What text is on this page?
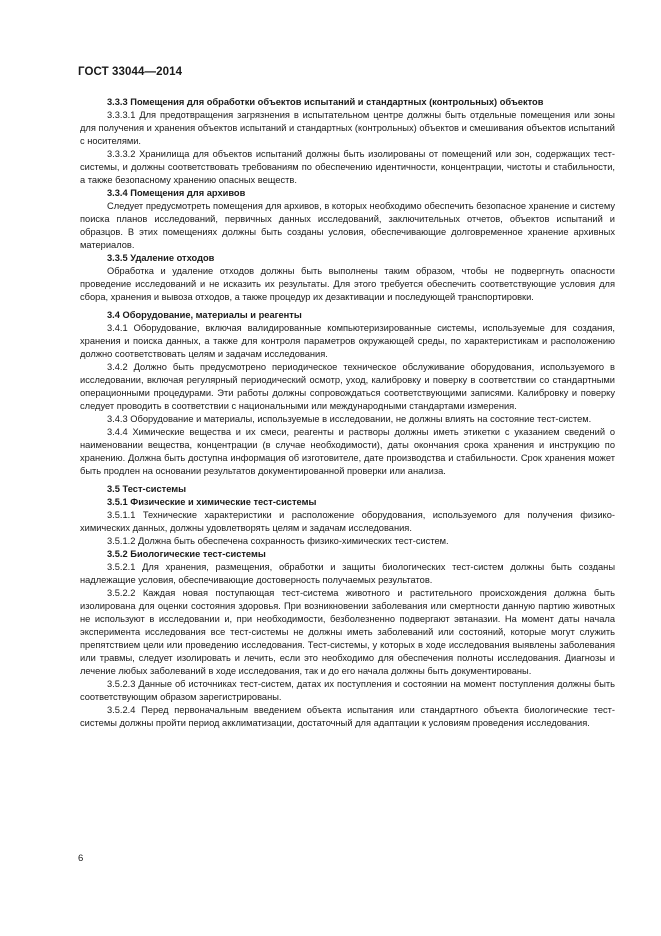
ГОСТ 33044—2014

3.3.3 Помещения для обработки объектов испытаний и стандартных (контрольных) объектов

3.3.3.1 Для предотвращения загрязнения в испытательном центре должны быть отдельные помещения или зоны для получения и хранения объектов испытаний и стандартных (контрольных) объектов и смешивания объектов испытаний с носителями.

3.3.3.2 Хранилища для объектов испытаний должны быть изолированы от помещений или зон, содержащих тест-системы, и должны соответствовать требованиям по обеспечению идентичности, концентрации, чистоты и стабильности, а также безопасному хранению опасных веществ.

3.3.4 Помещения для архивов

Следует предусмотреть помещения для архивов, в которых необходимо обеспечить безопасное хранение и систему поиска планов исследований, первичных данных исследований, заключительных отчетов, объектов испытаний и образцов. В этих помещениях должны быть созданы условия, обеспечивающие долговременное хранение архивных материалов.

3.3.5 Удаление отходов

Обработка и удаление отходов должны быть выполнены таким образом, чтобы не подвергнуть опасности проведение исследований и не исказить их результаты. Для этого требуется обеспечить соответствующие условия для сбора, хранения и вывоза отходов, а также процедур их дезактивации и последующей транспортировки.

3.4 Оборудование, материалы и реагенты

3.4.1 Оборудование, включая валидированные компьютеризированные системы, используемые для создания, хранения и поиска данных, а также для контроля параметров окружающей среды, по характеристикам и расположению должно соответствовать целям и задачам исследования.

3.4.2 Должно быть предусмотрено периодическое техническое обслуживание оборудования, используемого в исследовании, включая регулярный периодический осмотр, уход, калибровку и поверку в соответствии со стандартными операционными процедурами. Эти работы должны сопровождаться соответствующими записями. Калибровку и поверку следует проводить в соответствии с национальными или международными стандартами измерения.

3.4.3 Оборудование и материалы, используемые в исследовании, не должны влиять на состояние тест-систем.

3.4.4 Химические вещества и их смеси, реагенты и растворы должны иметь этикетки с указанием сведений о наименовании вещества, концентрации (в случае необходимости), даты окончания срока хранения и инструкцию по хранению. Должна быть доступна информация об изготовителе, дате производства и стабильности. Срок хранения может быть продлен на основании результатов документированной проверки или анализа.

3.5 Тест-системы

3.5.1 Физические и химические тест-системы

3.5.1.1 Технические характеристики и расположение оборудования, используемого для получения физико-химических данных, должны удовлетворять целям и задачам исследования.

3.5.1.2 Должна быть обеспечена сохранность физико-химических тест-систем.

3.5.2 Биологические тест-системы

3.5.2.1 Для хранения, размещения, обработки и защиты биологических тест-систем должны быть созданы надлежащие условия, обеспечивающие достоверность получаемых результатов.

3.5.2.2 Каждая новая поступающая тест-система животного и растительного происхождения должна быть изолирована для оценки состояния здоровья. При возникновении заболевания или смертности данную партию животных не используют в исследовании и, при необходимости, безболезненно подвергают эвтаназии. На момент даты начала эксперимента исследования все тест-системы не должны иметь заболеваний или состояний, которые могут служить препятствием цели или проведению исследования. Тест-системы, у которых в ходе исследования выявлены заболевания или травмы, следует изолировать и лечить, если это необходимо для обеспечения полноты исследования. Диагнозы и лечение любых заболеваний в ходе исследования, так и до его начала должны быть документированы.

3.5.2.3 Данные об источниках тест-систем, датах их поступления и состоянии на момент поступления должны быть соответствующим образом зарегистрированы.

3.5.2.4 Перед первоначальным введением объекта испытания или стандартного объекта биологические тест-системы должны пройти период акклиматизации, достаточный для адаптации к условиям проведения исследования.

6
